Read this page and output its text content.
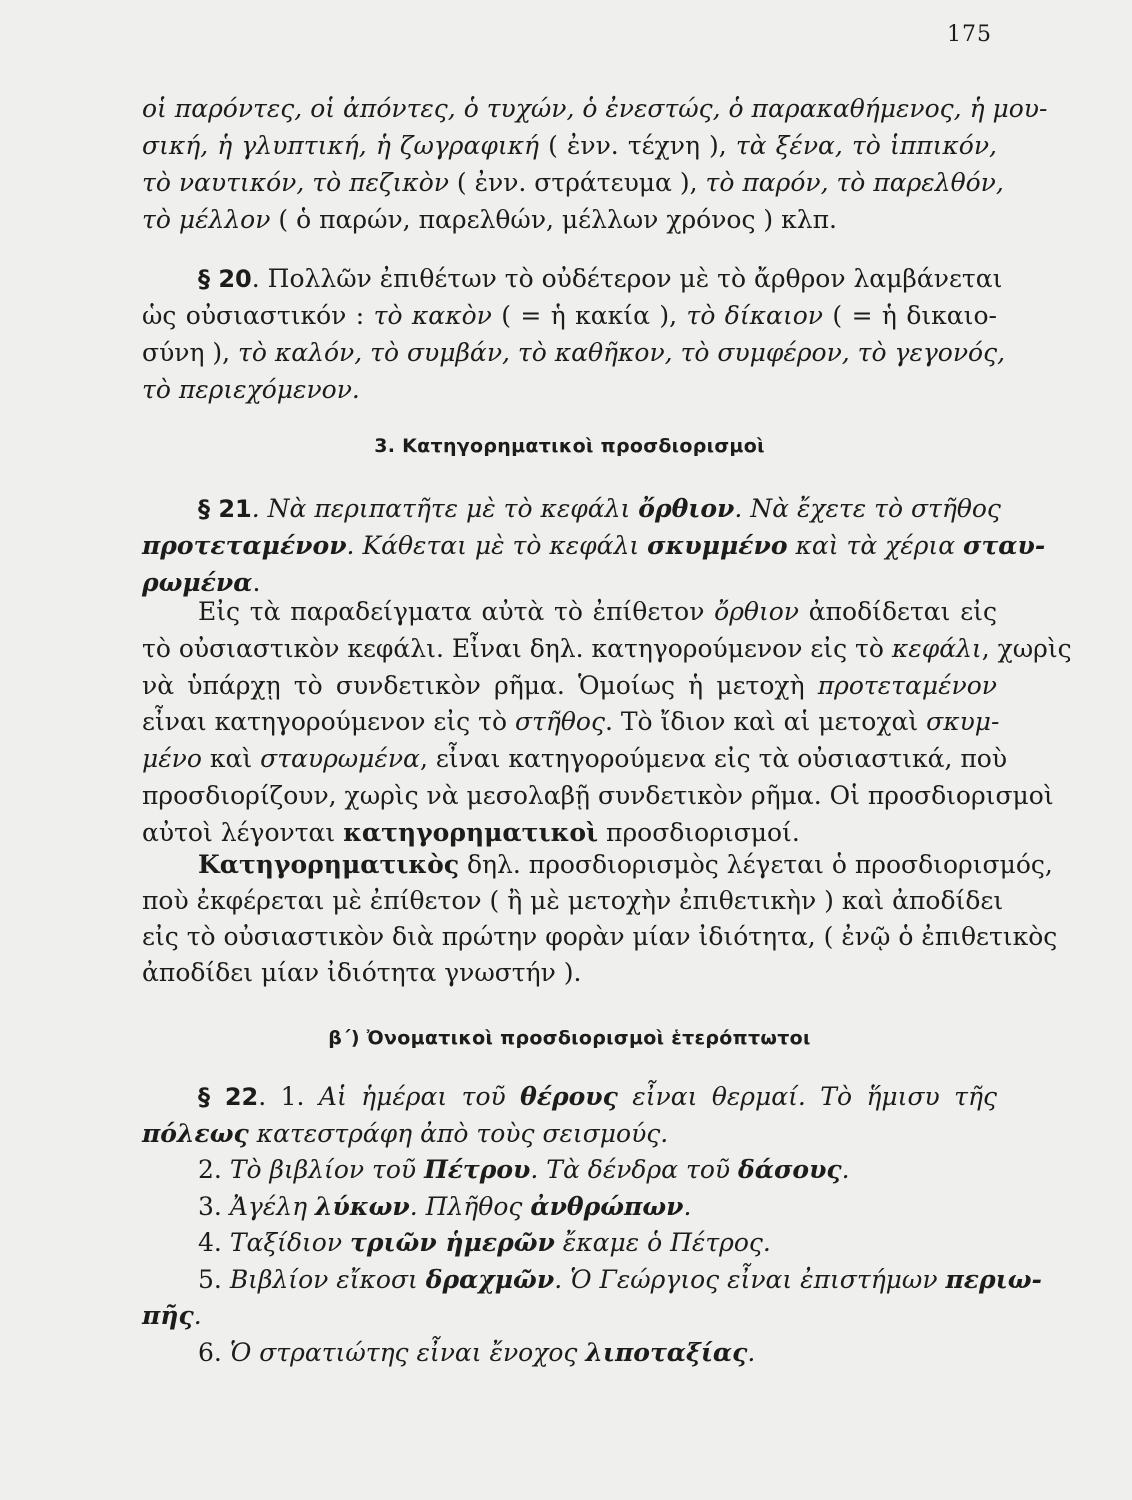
175
3. Κατηγορηματικοὶ προσδιορισμοὶ
β΄) Ὀνοματικοὶ προσδιορισμοὶ ἑτερόπτωτοι
οἱ παρόντες, οἱ ἀπόντες, ὁ τυχών, ὁ ἐνεστώς, ὁ παρακαθήμενος, ἡ μου-
σική, ἡ γλυπτική, ἡ ζωγραφική ( ἐνν. τέχνη ), τὰ ξένα, τὸ ἱππικόν,
τὸ ναυτικόν, τὸ πεζικὸν ( ἐνν. στράτευμα ), τὸ παρόν, τὸ παρελθόν,
τὸ μέλλον ( ὁ παρών, παρελθών, μέλλων χρόνος ) κλπ.
§ 20. Πολλῶν ἐπιθέτων τὸ οὐδέτερον μὲ τὸ ἄρθρον λαμβάνεται
ὡς οὐσιαστικόν : τὸ κακὸν ( = ἡ κακία ), τὸ δίκαιον ( = ἡ δικαιο-
σύνη ), τὸ καλόν, τὸ συμβάν, τὸ καθῆκον, τὸ συμφέρον, τὸ γεγονός,
τὸ περιεχόμενον.
§ 21. Νὰ περιπατῆτε μὲ τὸ κεφάλι ὄρθιον. Νὰ ἔχετε τὸ στῆθος
προτεταμένον. Κάθεται μὲ τὸ κεφάλι σκυμμένο καὶ τὰ χέρια σταυ-
ρωμένα.
Εἰς τὰ παραδείγματα αὐτὰ τὸ ἐπίθετον ὄρθιον ἀποδίδεται εἰς
τὸ οὐσιαστικὸν κεφάλι. Εἶναι δηλ. κατηγορούμενον εἰς τὸ κεφάλι, χωρὶς
νὰ ὑπάρχῃ τὸ συνδετικὸν ρῆμα. Ὁμοίως ἡ μετοχὴ προτεταμένον
εἶναι κατηγορούμενον εἰς τὸ στῆθος. Τὸ ἴδιον καὶ αἱ μετοχαὶ σκυμ-
μένο καὶ σταυρωμένα, εἶναι κατηγορούμενα εἰς τὰ οὐσιαστικά, ποὺ
προσδιορίζουν, χωρὶς νὰ μεσολαβῇ συνδετικὸν ρῆμα. Οἱ προσδιορισμοὶ
αὐτοὶ λέγονται κατηγορηματικοὶ προσδιορισμοί.
Κατηγορηματικὸς δηλ. προσδιορισμὸς λέγεται ὁ προσδιορισμός,
ποὺ ἐκφέρεται μὲ ἐπίθετον ( ἢ μὲ μετοχὴν ἐπιθετικὴν ) καὶ ἀποδίδει
εἰς τὸ οὐσιαστικὸν διὰ πρώτην φορὰν μίαν ἰδιότητα, ( ἐνῷ ὁ ἐπιθετικὸς
ἀποδίδει μίαν ἰδιότητα γνωστήν ).
§ 22. 1. Αἱ ἡμέραι τοῦ θέρους εἶναι θερμαί. Τὸ ἥμισυ τῆς
πόλεως κατεστράφη ἀπὸ τοὺς σεισμούς.
2. Τὸ βιβλίον τοῦ Πέτρου. Τὰ δένδρα τοῦ δάσους.
3. Ἀγέλη λύκων. Πλῆθος ἀνθρώπων.
4. Ταξίδιον τριῶν ἡμερῶν ἔκαμε ὁ Πέτρος.
5. Βιβλίον εἴκοσι δραχμῶν. Ὁ Γεώργιος εἶναι ἐπιστήμων περιω-
πῆς.
6. Ὁ στρατιώτης εἶναι ἔνοχος λιποταξίας.
